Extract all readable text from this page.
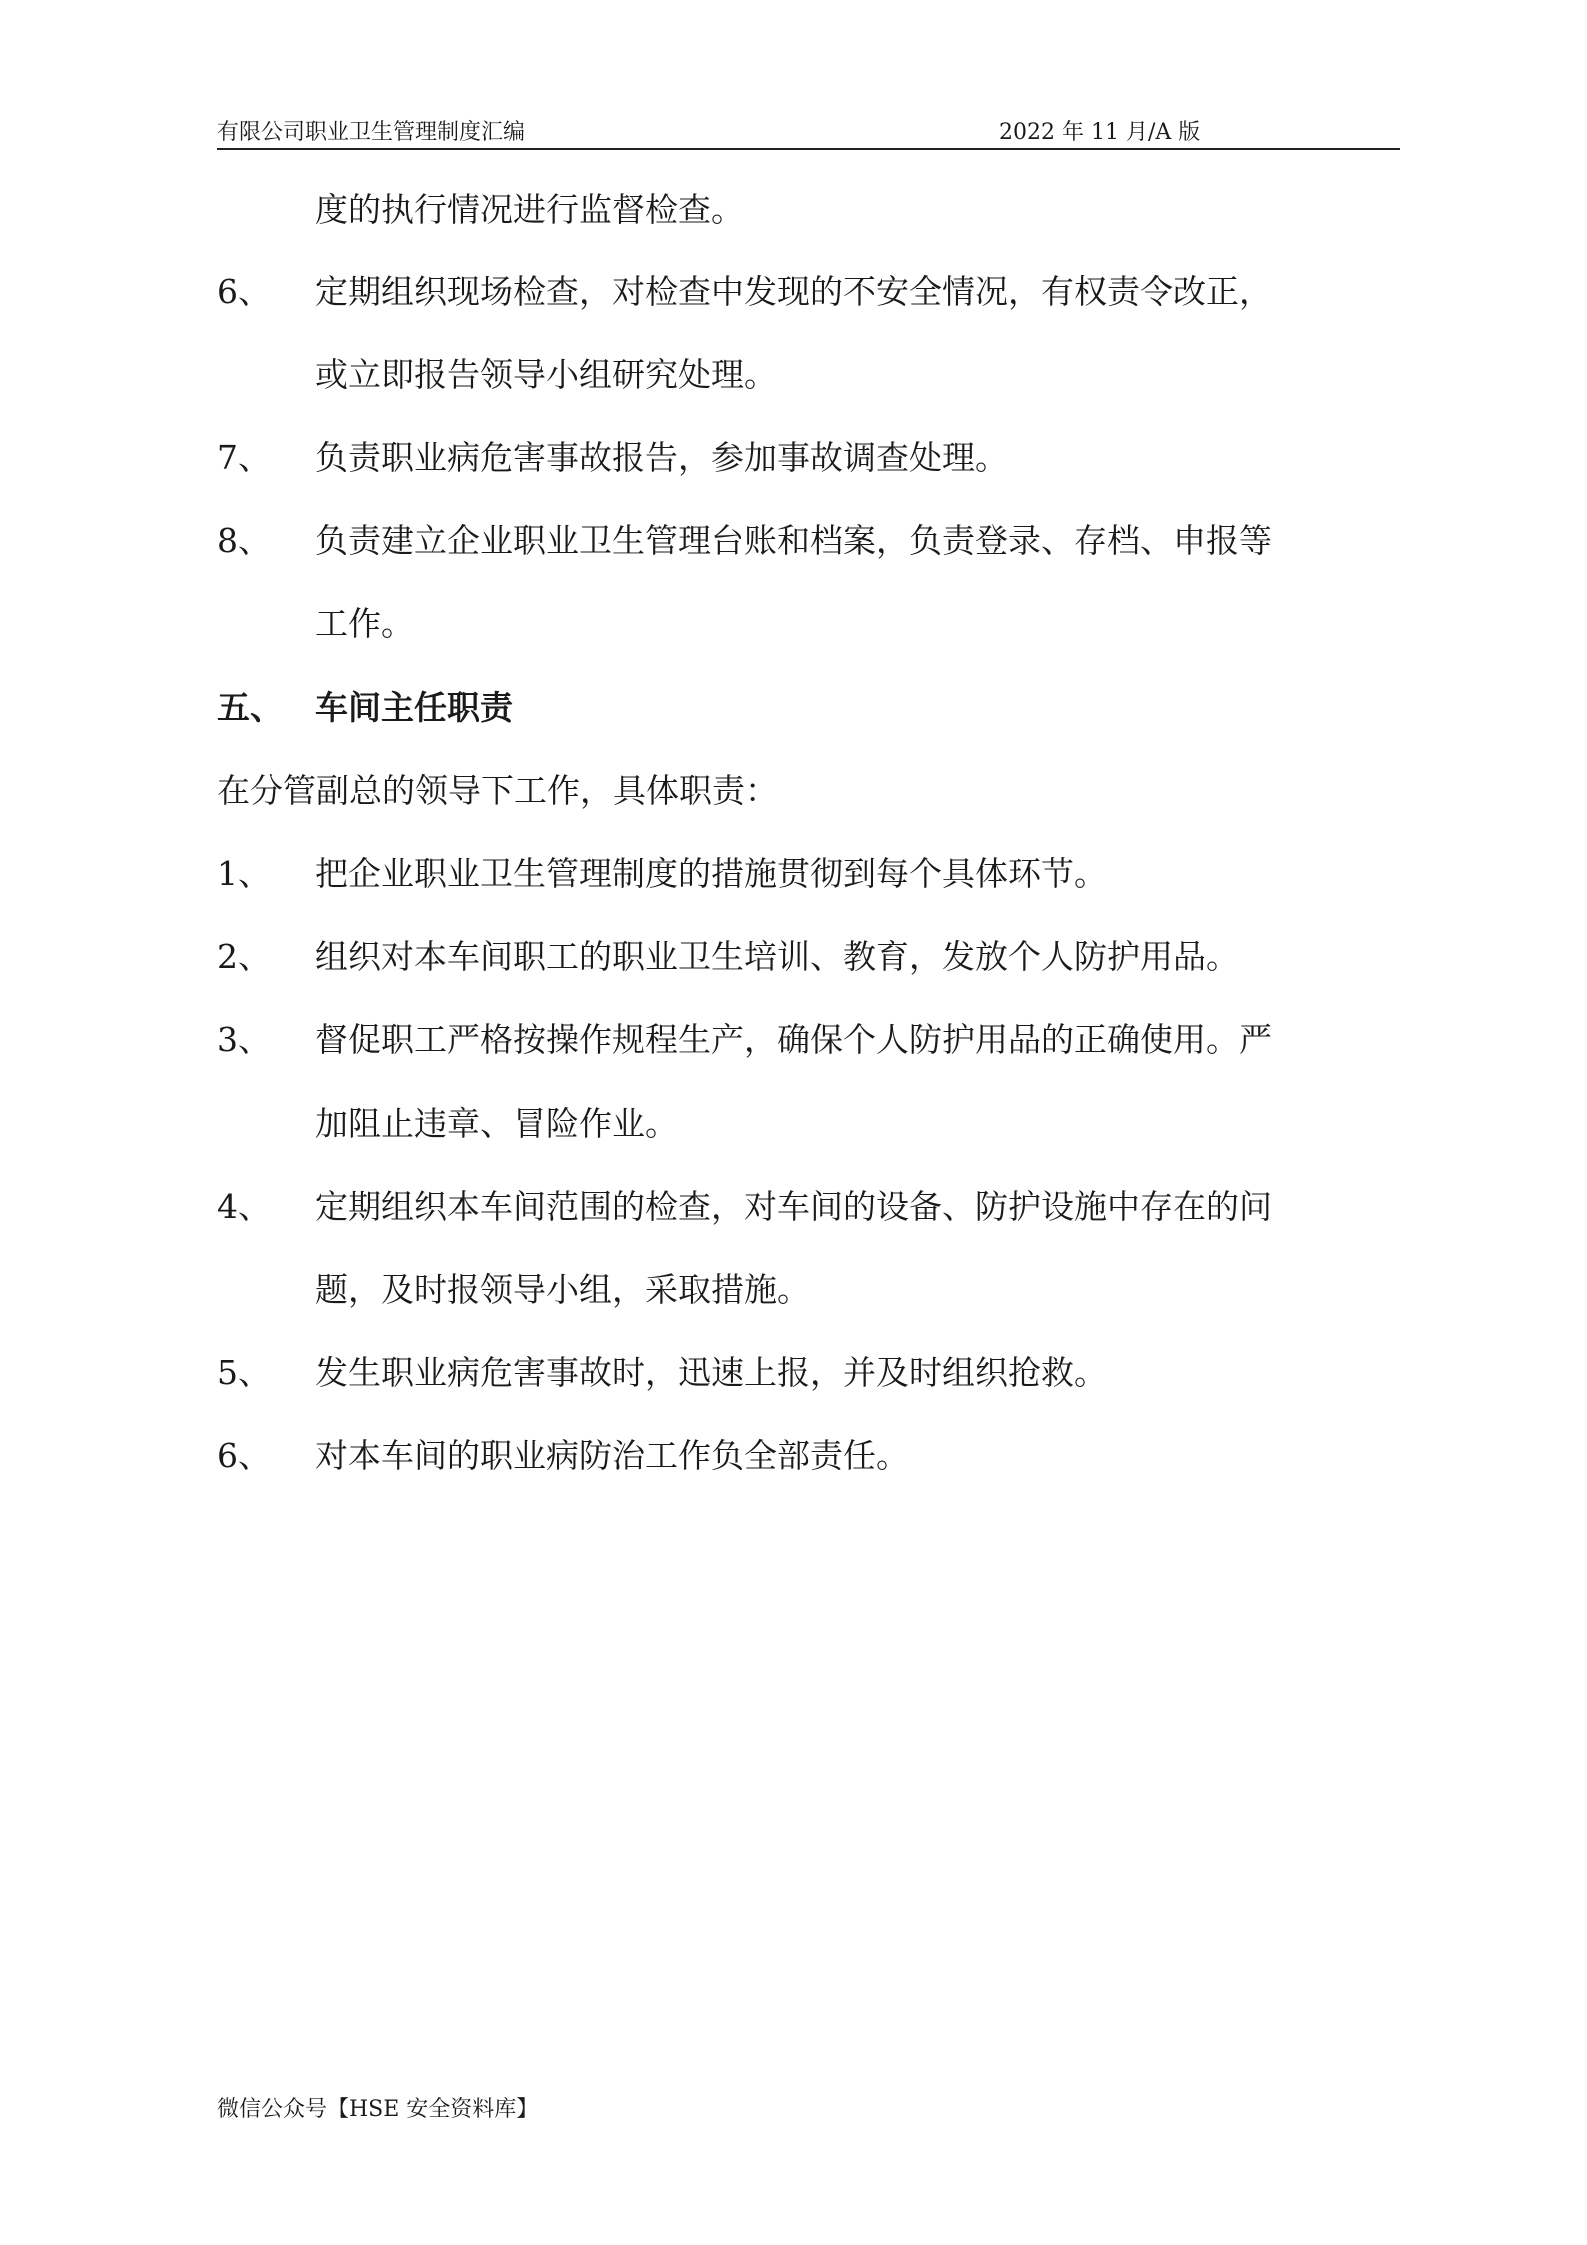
有限公司职业卫生管理制度汇编	2022 年 11 月/A 版
度的执行情况进行监督检查。
6、 定期组织现场检查，对检查中发现的不安全情况，有权责令改正，
或立即报告领导小组研究处理。
7、 负责职业病危害事故报告，参加事故调查处理。
8、 负责建立企业职业卫生管理台账和档案，负责登录、存档、申报等
工作。
五、 车间主任职责
在分管副总的领导下工作，具体职责：
1、 把企业职业卫生管理制度的措施贯彻到每个具体环节。
2、 组织对本车间职工的职业卫生培训、教育，发放个人防护用品。
3、 督促职工严格按操作规程生产，确保个人防护用品的正确使用。严
加阻止违章、冒险作业。
4、 定期组织本车间范围的检查，对车间的设备、防护设施中存在的问
题，及时报领导小组，采取措施。
5、 发生职业病危害事故时，迅速上报，并及时组织抢救。
6、 对本车间的职业病防治工作负全部责任。
微信公众号【HSE 安全资料库】
